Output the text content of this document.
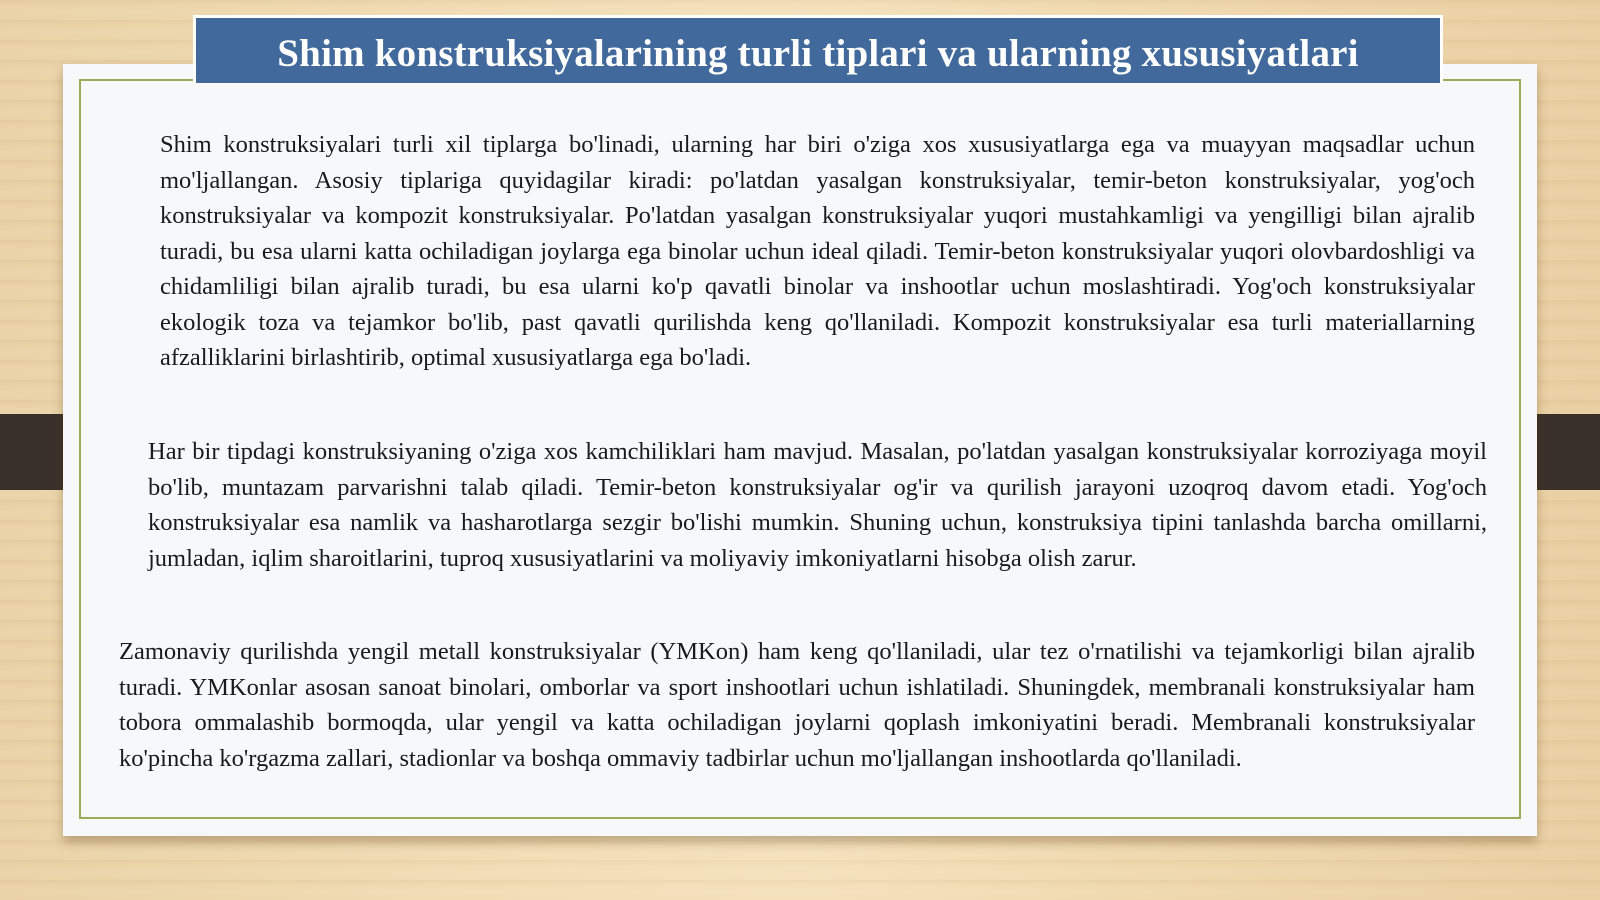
Shim konstruksiyalarining turli tiplari va ularning xususiyatlari

Shim konstruksiyalari turli xil tiplarga bo'linadi, ularning har biri o'ziga xos xususiyatlarga ega va muayyan maqsadlar uchun mo'ljallangan. Asosiy tiplariga quyidagilar kiradi: po'latdan yasalgan konstruksiyalar, temir-beton konstruksiyalar, yog'och konstruksiyalar va kompozit konstruksiyalar. Po'latdan yasalgan konstruksiyalar yuqori mustahkamligi va yengilligi bilan ajralib turadi, bu esa ularni katta ochiladigan joylarga ega binolar uchun ideal qiladi. Temir-beton konstruksiyalar yuqori olovbardoshligi va chidamliligi bilan ajralib turadi, bu esa ularni ko'p qavatli binolar va inshootlar uchun moslashtiradi. Yog'och konstruksiyalar ekologik toza va tejamkor bo'lib, past qavatli qurilishda keng qo'llaniladi. Kompozit konstruksiyalar esa turli materiallarning afzalliklarini birlashtirib, optimal xususiyatlarga ega bo'ladi.

Har bir tipdagi konstruksiyaning o'ziga xos kamchiliklari ham mavjud. Masalan, po'latdan yasalgan konstruksiyalar korroziyaga moyil bo'lib, muntazam parvarishni talab qiladi. Temir-beton konstruksiyalar og'ir va qurilish jarayoni uzoqroq davom etadi. Yog'och konstruksiyalar esa namlik va hasharotlarga sezgir bo'lishi mumkin. Shuning uchun, konstruksiya tipini tanlashda barcha omillarni, jumladan, iqlim sharoitlarini, tuproq xususiyatlarini va moliyaviy imkoniyatlarni hisobga olish zarur.

Zamonaviy qurilishda yengil metall konstruksiyalar (YMKon) ham keng qo'llaniladi, ular tez o'rnatilishi va tejamkorligi bilan ajralib turadi. YMKonlar asosan sanoat binolari, omborlar va sport inshootlari uchun ishlatiladi. Shuningdek, membranali konstruksiyalar ham tobora ommalashib bormoqda, ular yengil va katta ochiladigan joylarni qoplash imkoniyatini beradi. Membranali konstruksiyalar ko'pincha ko'rgazma zallari, stadionlar va boshqa ommaviy tadbirlar uchun mo'ljallangan inshootlarda qo'llaniladi.
